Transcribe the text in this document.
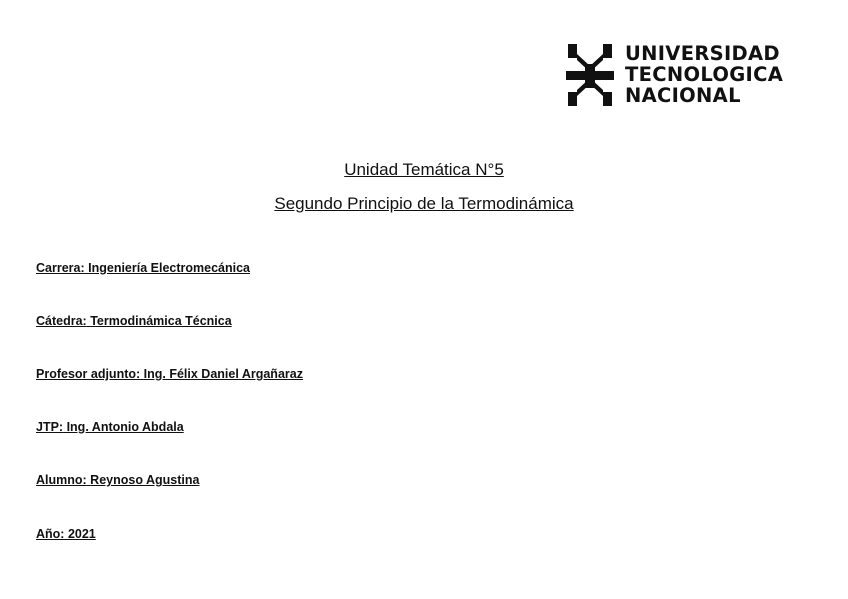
UNIVERSIDAD
TECNOLOGICA
NACIONAL
Unidad Temática N°5
Segundo Principio de la Termodinámica
Carrera: Ingeniería Electromecánica
Cátedra: Termodinámica Técnica
Profesor adjunto: Ing. Félix Daniel Argañaraz
JTP: Ing. Antonio Abdala
Alumno: Reynoso Agustina
Año: 2021
